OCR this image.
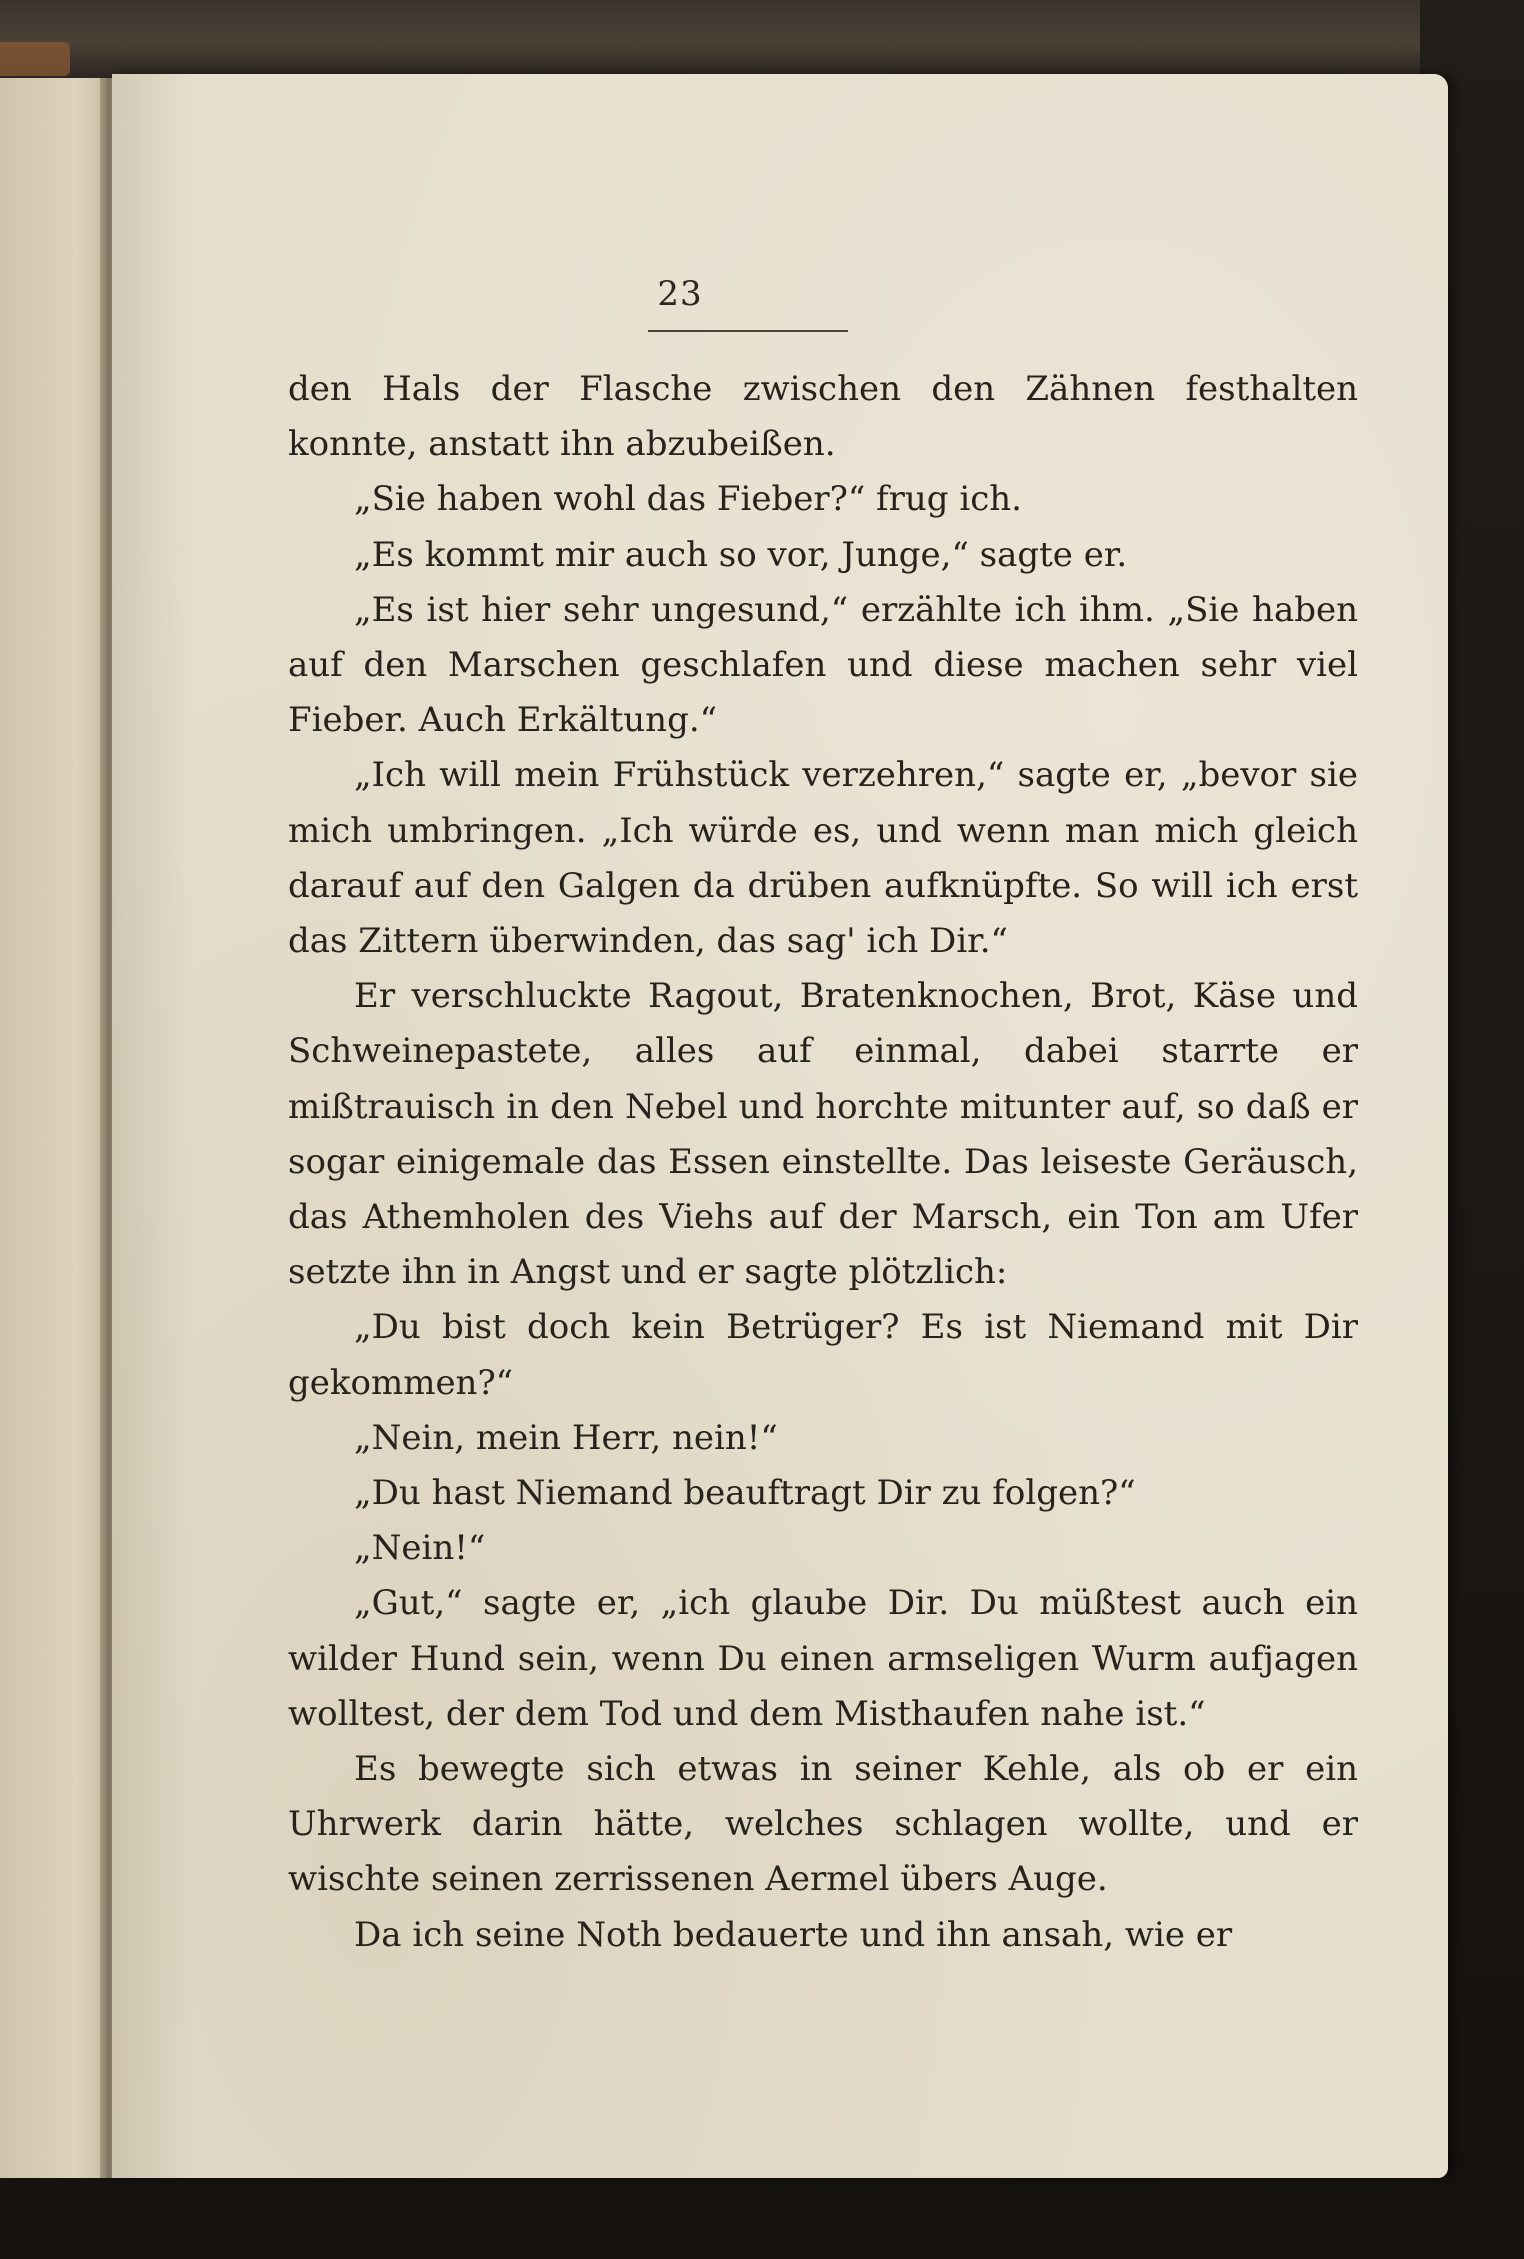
23

den Hals der Flasche zwischen den Zähnen festhalten konnte, anstatt ihn abzubeißen.

„Sie haben wohl das Fieber?“ frug ich.

„Es kommt mir auch so vor, Junge,“ sagte er.

„Es ist hier sehr ungesund,“ erzählte ich ihm. „Sie haben auf den Marschen geschlafen und diese machen sehr viel Fieber. Auch Erkältung.“

„Ich will mein Frühstück verzehren,“ sagte er, „bevor sie mich umbringen. „Ich würde es, und wenn man mich gleich darauf auf den Galgen da drüben aufknüpfte. So will ich erst das Zittern überwinden, das sag' ich Dir.“

Er verschluckte Ragout, Bratenknochen, Brot, Käse und Schweinepastete, alles auf einmal, dabei starrte er mißtrauisch in den Nebel und horchte mitunter auf, so daß er sogar einigemale das Essen einstellte. Das leiseste Geräusch, das Athemholen des Viehs auf der Marsch, ein Ton am Ufer setzte ihn in Angst und er sagte plötzlich:

„Du bist doch kein Betrüger? Es ist Niemand mit Dir gekommen?“

„Nein, mein Herr, nein!“

„Du hast Niemand beauftragt Dir zu folgen?“

„Nein!“

„Gut,“ sagte er, „ich glaube Dir. Du müßtest auch ein wilder Hund sein, wenn Du einen armseligen Wurm aufjagen wolltest, der dem Tod und dem Misthaufen nahe ist.“

Es bewegte sich etwas in seiner Kehle, als ob er ein Uhrwerk darin hätte, welches schlagen wollte, und er wischte seinen zerrissenen Aermel übers Auge.

Da ich seine Noth bedauerte und ihn ansah, wie er
